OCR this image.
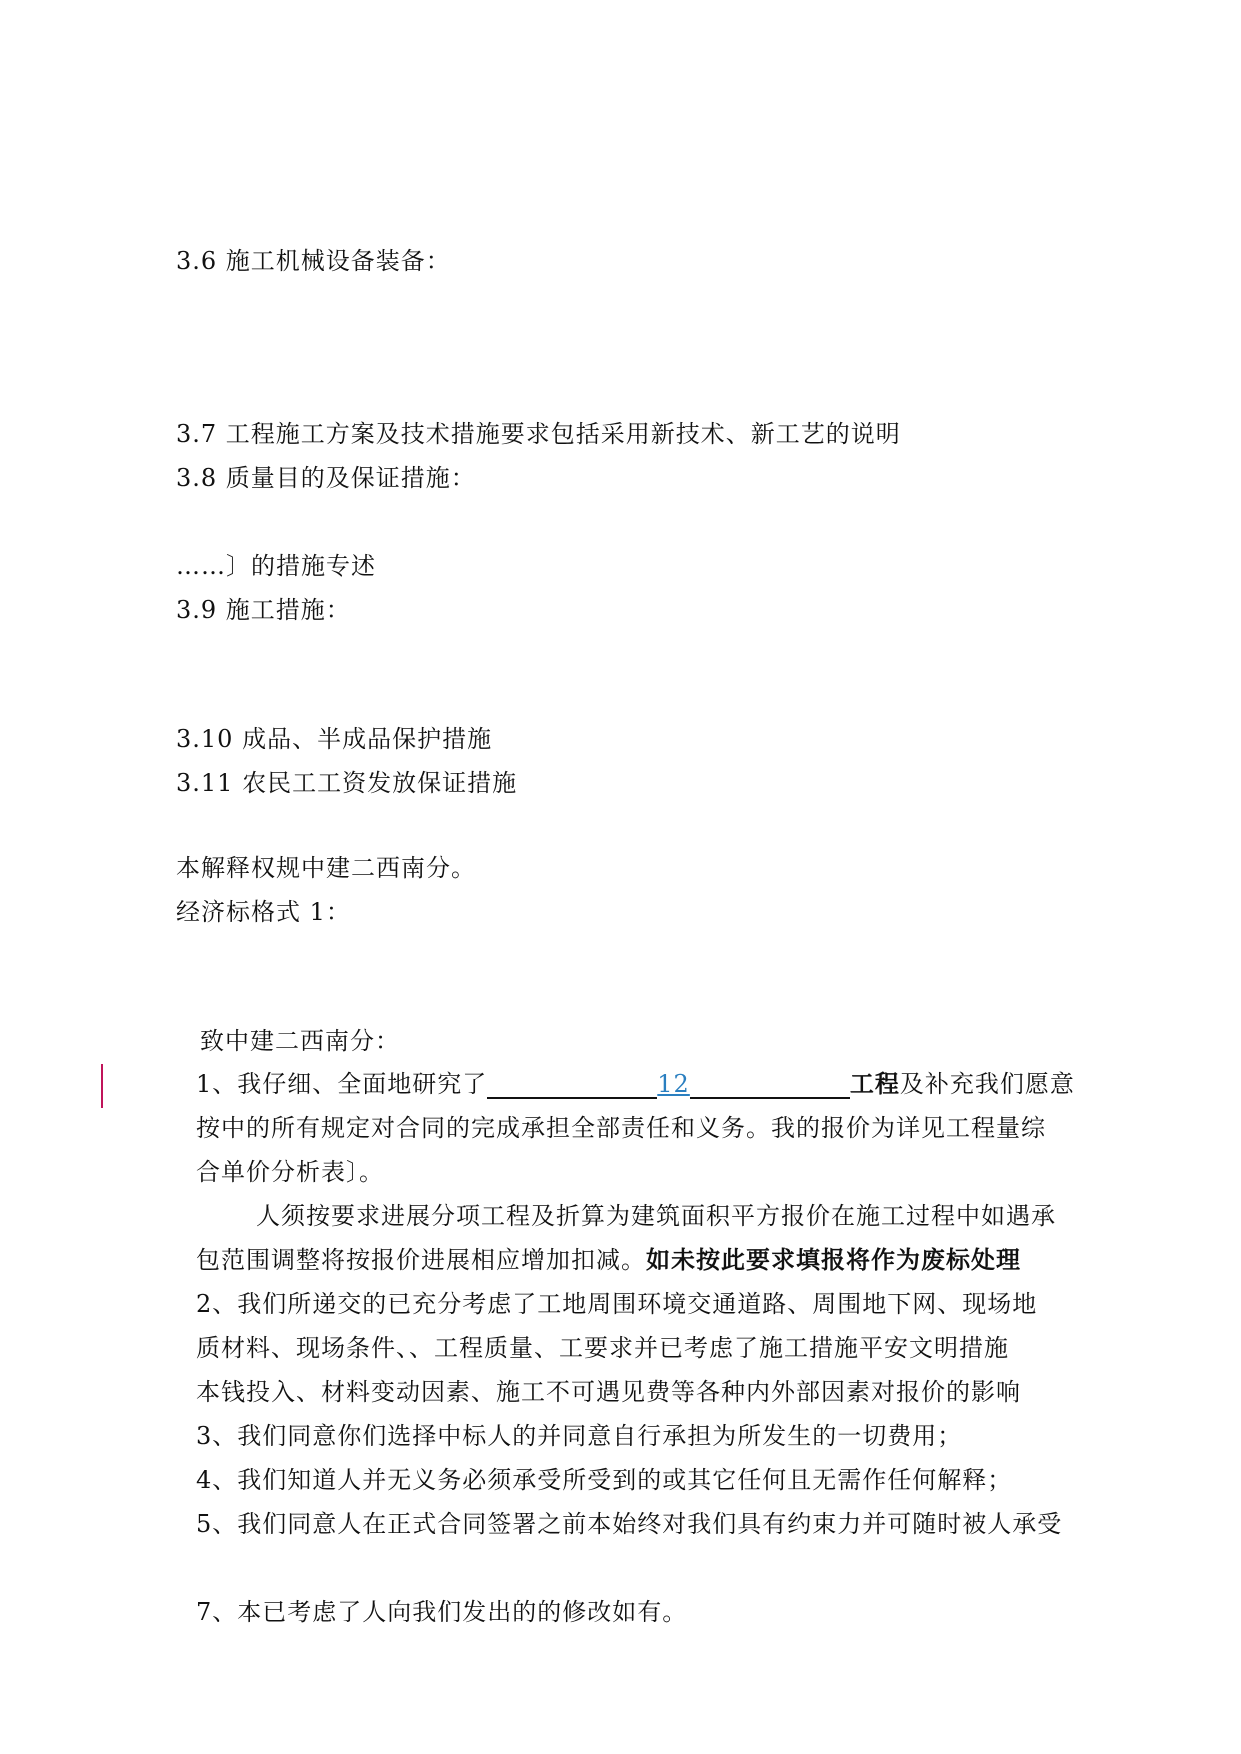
3.6 施工机械设备装备：
3.7 工程施工方案及技术措施要求包括采用新技术、新工艺的说明
3.8 质量目的及保证措施：
……〕的措施专述
3.9 施工措施：
3.10 成品、半成品保护措施
3.11 农民工工资发放保证措施
本解释权规中建二西南分。
经济标格式 1：
致中建二西南分：
1、我仔细、全面地研究了	12	工程及补充我们愿意
按中的所有规定对合同的完成承担全部责任和义务。我的报价为详见工程量综
合单价分析表〕。
人须按要求进展分项工程及折算为建筑面积平方报价在施工过程中如遇承
包范围调整将按报价进展相应增加扣减。如未按此要求填报将作为废标处理
2、我们所递交的已充分考虑了工地周围环境交通道路、周围地下网、现场地
质材料、现场条件、、工程质量、工要求并已考虑了施工措施平安文明措施
本钱投入、材料变动因素、施工不可遇见费等各种内外部因素对报价的影响
3、我们同意你们选择中标人的并同意自行承担为所发生的一切费用；
4、我们知道人并无义务必须承受所受到的或其它任何且无需作任何解释；
5、我们同意人在正式合同签署之前本始终对我们具有约束力并可随时被人承受
7、本已考虑了人向我们发出的的修改如有。
